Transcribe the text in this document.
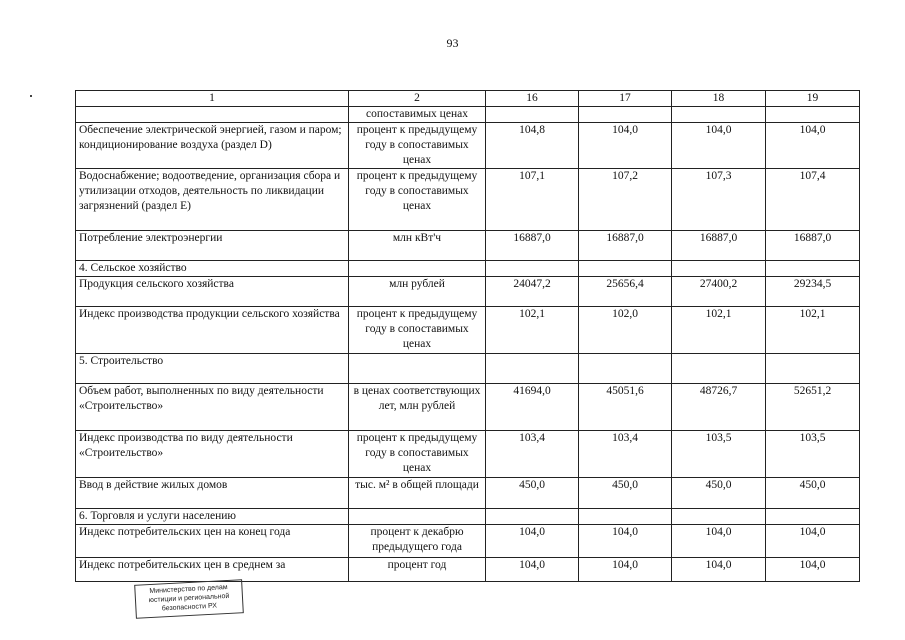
93
1	2	16	17	18	19
	сопоставимых ценах				
Обеспечение электрической энергией, газом и паром; кондиционирование воздуха (раздел D)	процент к предыдущему году в сопоставимых ценах	104,8	104,0	104,0	104,0
Водоснабжение; водоотведение, организация сбора и утилизации отходов, деятельность по ликвидации загрязнений (раздел Е)	процент к предыдущему году в сопоставимых ценах	107,1	107,2	107,3	107,4
Потребление электроэнергии	млн кВт'ч	16887,0	16887,0	16887,0	16887,0
4. Сельское хозяйство					
Продукция сельского хозяйства	млн рублей	24047,2	25656,4	27400,2	29234,5
Индекс производства продукции сельского хозяйства	процент к предыдущему году в сопоставимых ценах	102,1	102,0	102,1	102,1
5. Строительство					
Объем работ, выполненных по виду деятельности «Строительство»	в ценах соответствующих лет, млн рублей	41694,0	45051,6	48726,7	52651,2
Индекс производства по виду деятельности «Строительство»	процент к предыдущему году в сопоставимых ценах	103,4	103,4	103,5	103,5
Ввод в действие жилых домов	тыс. м² в общей площади	450,0	450,0	450,0	450,0
6. Торговля и услуги населению					
Индекс потребительских цен на конец года	процент к декабрю предыдущего года	104,0	104,0	104,0	104,0
Индекс потребительских цен в среднем за	процент год	104,0	104,0	104,0	104,0
Министерство по делам
юстиции и региональной
безопасности РХ
